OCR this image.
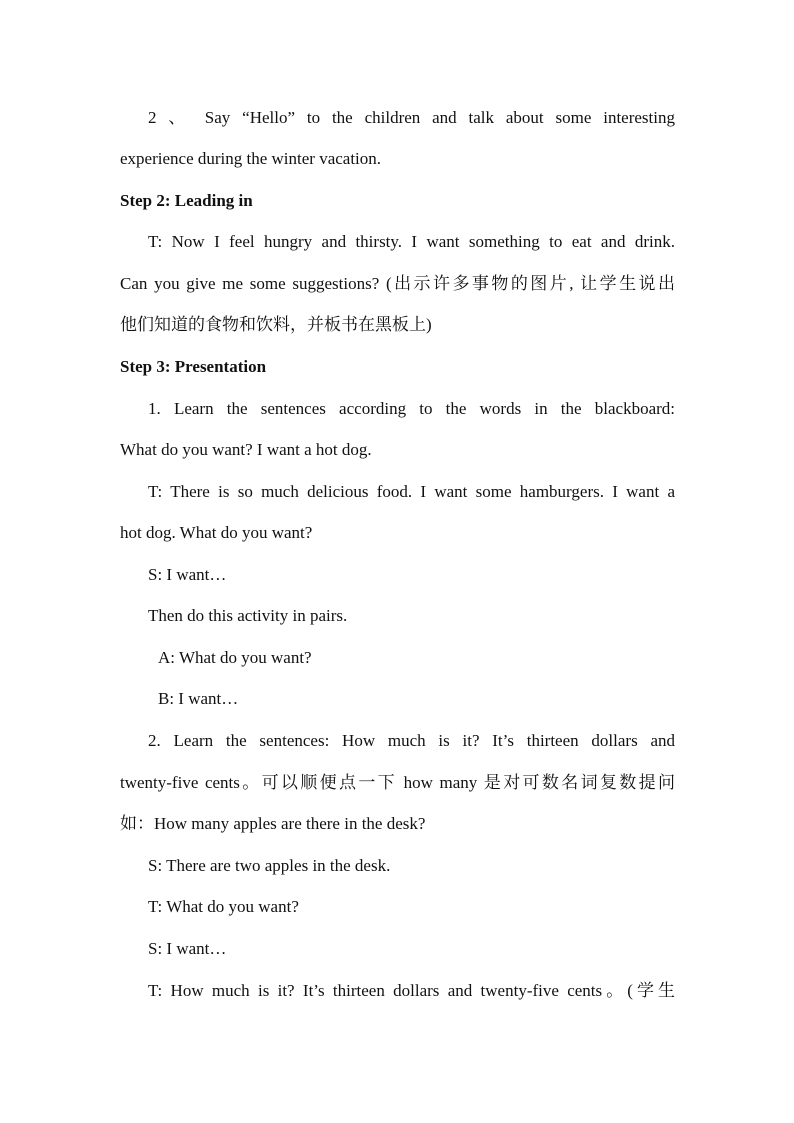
2 、 Say “Hello” to the children and talk about some interesting
experience during the winter vacation.
Step 2: Leading in
T: Now I feel hungry and thirsty. I want something to eat and drink.
Can you give me some suggestions? (出示许多事物的图片, 让学生说出
他们知道的食物和饮料，并板书在黑板上)
Step 3: Presentation
1. Learn the sentences according to the words in the blackboard:
What do you want? I want a hot dog.
T: There is so much delicious food. I want some hamburgers. I want a
hot dog. What do you want?
S: I want…
Then do this activity in pairs.
A: What do you want?
B: I want…
2. Learn the sentences: How much is it? It’s thirteen dollars and
twenty-five cents。可以顺便点一下 how many 是对可数名词复数提问
如：How many apples are there in the desk?
S: There are two apples in the desk.
T: What do you want?
S: I want…
T: How much is it? It’s thirteen dollars and twenty-five cents。(学生
